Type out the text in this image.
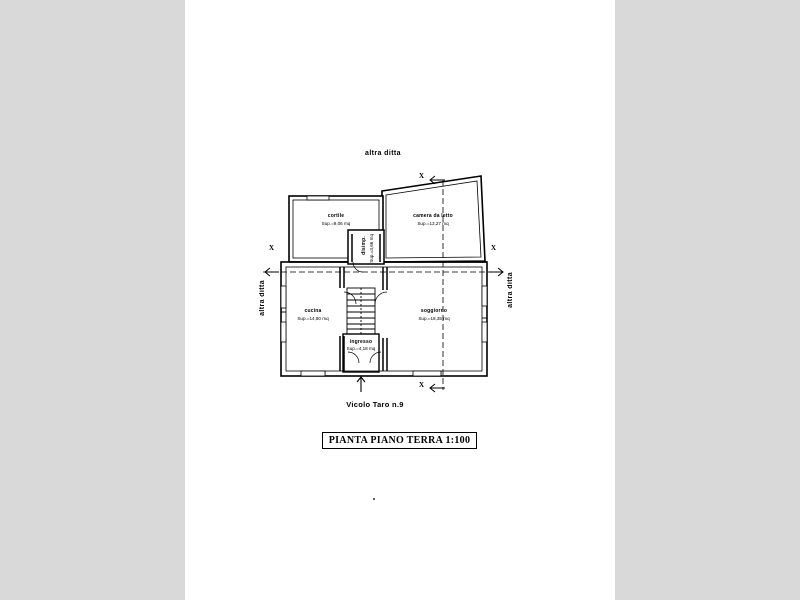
altra ditta
altra ditta	altra ditta
X
X
X	X
cortile
Sup.=9,06 mq
camera da letto
Sup.=13,27 mq
disimp. Sup.=3,66 mq
cucina
Sup.=14,80 mq
soggiorno
Sup.=18,35 mq
ingresso
Sup.=4,18 mq
Vicolo Taro n.9
PIANTA PIANO TERRA 1:100
